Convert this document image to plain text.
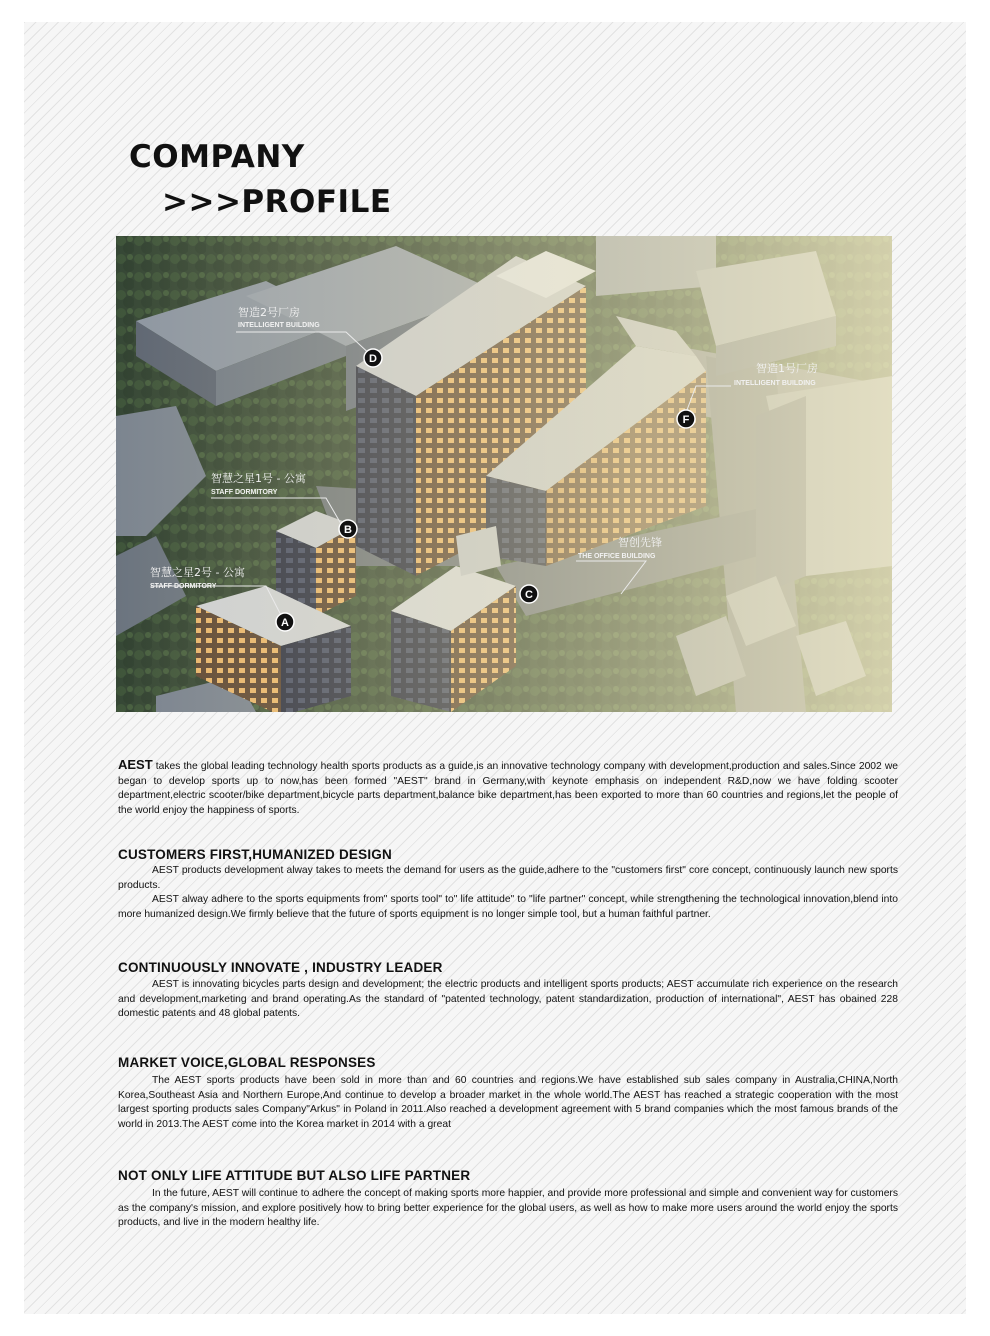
COMPANY
>>>PROFILE
智造2号厂房
INTELLIGENT BUILDING
智造1号厂房
INTELLIGENT BUILDING
智慧之星1号 - 公寓
STAFF DORMITORY
智慧之星2号 - 公寓
STAFF DORMITORY
智创先锋
THE OFFICE BUILDING
D
F
B
A
C

AEST takes the global leading technology health sports products as a guide,is an innovative technology company with development,production and sales.Since 2002 we began to develop sports up to now,has been formed "AEST" brand in Germany,with keynote emphasis on independent R&D,now we have folding scooter department,electric scooter/bike department,bicycle parts department,balance bike department,has been exported to more than 60 countries and regions,let the people of the world enjoy the happiness of sports.

CUSTOMERS FIRST,HUMANIZED DESIGN

AEST products development alway takes to meets the demand for users as the guide,adhere to the "customers first" core concept, continuously launch new sports products.

AEST alway adhere to the sports equipments from" sports tool" to" life attitude" to "life partner" concept, while strengthening the technological innovation,blend into more humanized design.We firmly believe that the future of sports equipment is no longer simple tool, but a human faithful partner.

CONTINUOUSLY INNOVATE , INDUSTRY LEADER

AEST is innovating bicycles parts design and development; the electric products and intelligent sports products; AEST accumulate rich experience on the research and development,marketing and brand operating.As the standard of "patented technology, patent standardization, production of international", AEST has obained 228 domestic patents and 48 global patents.

MARKET VOICE,GLOBAL RESPONSES

The AEST sports products have been sold in more than and 60 countries and regions.We have established sub sales company in Australia,CHINA,North Korea,Southeast Asia and Northern Europe,And continue to develop a broader market in the whole world.The AEST has reached a strategic cooperation with the most largest sporting products sales Company"Arkus" in Poland in 2011.Also reached a development agreement with 5 brand companies which the most famous brands of the world in 2013.The AEST come into the Korea market in 2014 with a great

NOT ONLY LIFE ATTITUDE BUT ALSO LIFE PARTNER

In the future, AEST will continue to adhere the concept of making sports more happier, and provide more professional and simple and convenient way for customers as the company's mission, and explore positively how to bring better experience for the global users, as well as how to make more users around the world enjoy the sports products, and live in the modern healthy life.
